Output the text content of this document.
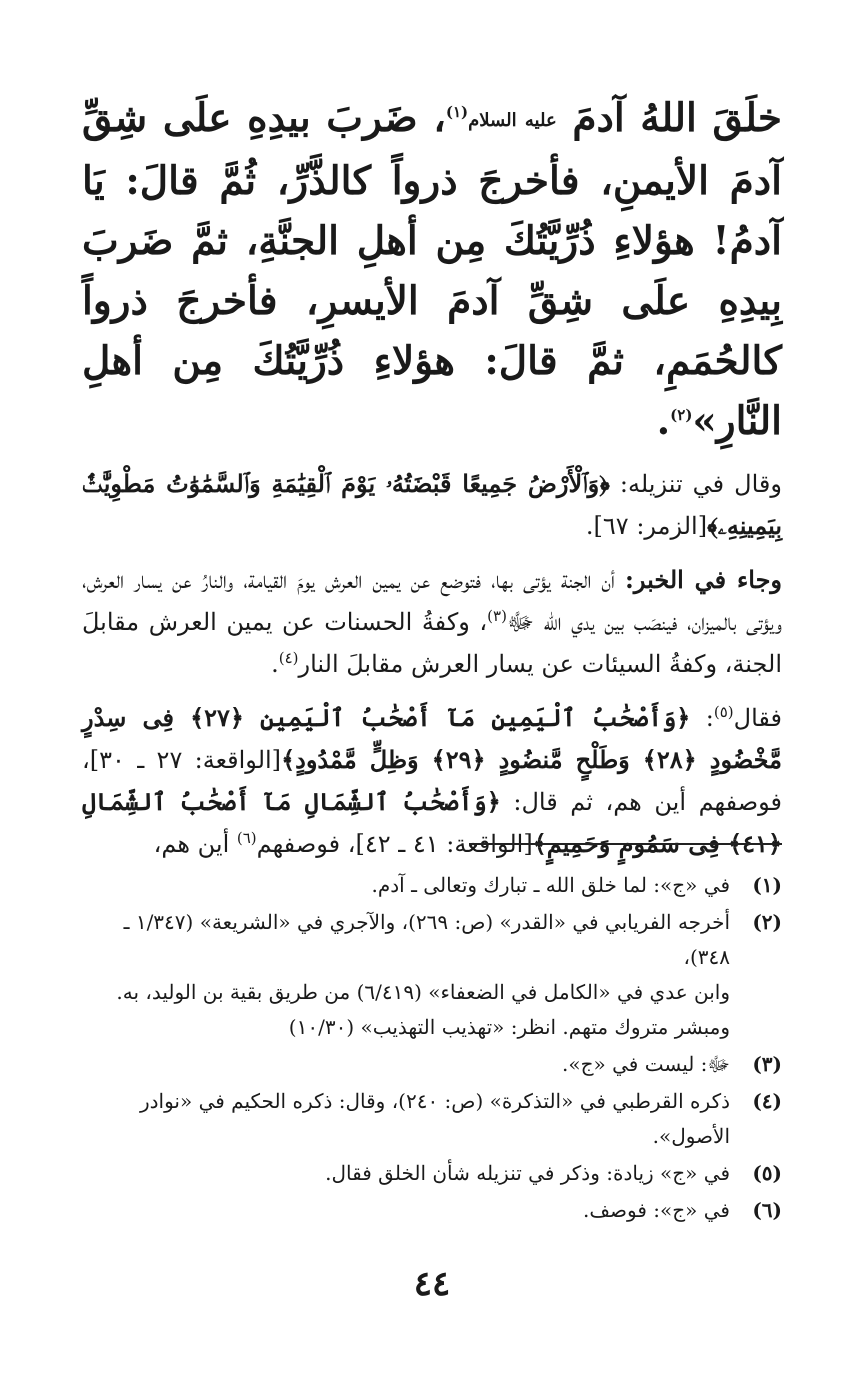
خلَقَ اللهُ آدمَ عليه السلام$^{(١)}$، ضَربَ بيدِهِ علَى شِقِّ آدمَ الأيمنِ، فأخرجَ ذرواً كالذَّرِّ، ثُمَّ قالَ: يَا آدمُ! هؤلاءِ ذُرِّيَّتُكَ مِن أهلِ الجنَّةِ، ثمَّ ضَربَ بِيدِهِ علَى شِقِّ آدمَ الأيسرِ، فأخرجَ ذرواً كالحُمَمِ، ثمَّ قالَ: هؤلاءِ ذُرِّيَّتُكَ مِن أهلِ النَّارِ»$^{(٢)}$.

وقال في تنزيله: ﴿وَٱلْأَرْضُ جَمِيعًا قَبْضَتُهُۥ يَوْمَ ٱلْقِيَٰمَةِ وَٱلسَّمَٰوَٰتُ مَطْوِيَّٰتٌۢ بِيَمِينِهِۦ﴾[الزمر: ٦٧].

وجاء في الخبر: أن الجنة يؤتى بها، فتوضع عن يمين العرش يومَ القيامة، والنارُ عن يسار العرش، ويؤتى بالميزان، فينصَب بين يدي الله ﷻ$^{(٣)}$، وكفةُ الحسنات عن يمين العرش مقابلَ الجنة، وكفةُ السيئات عن يسار العرش مقابلَ النار$^{(٤)}$.

فقال$^{(٥)}$: ﴿وَأَصْحَٰبُ ٱلْيَمِينِ مَآ أَصْحَٰبُ ٱلْيَمِينِ ﴿٢٧﴾ فِى سِدْرٍ مَّخْضُودٍ ﴿٢٨﴾ وَطَلْحٍ مَّنضُودٍ ﴿٢٩﴾ وَظِلٍّ مَّمْدُودٍ﴾[الواقعة: ٢٧ ـ ٣٠]، فوصفهم أين هم، ثم قال: ﴿وَأَصْحَٰبُ ٱلشِّمَالِ مَآ أَصْحَٰبُ ٱلشِّمَالِ ﴿٤١﴾ فِى سَمُومٍ وَحَمِيمٍ﴾[الواقعة: ٤١ ـ ٤٢]، فوصفهم$^{(٦)}$ أين هم،

(١)
في «ج»: لما خلق الله ـ تبارك وتعالى ـ آدم.
(٢)
أخرجه الفريابي في «القدر» (ص: ٢٦٩)، والآجري في «الشريعة» (١/٣٤٧ ـ ٣٤٨)،
وابن عدي في «الكامل في الضعفاء» (٦/٤١٩) من طريق بقية بن الوليد، به.
ومبشر متروك متهم. انظر: «تهذيب التهذيب» (١٠/٣٠)
(٣)
ﷻ: ليست في «ج».
(٤)
ذكره القرطبي في «التذكرة» (ص: ٢٤٠)، وقال: ذكره الحكيم في «نوادر الأصول».
(٥)
في «ج» زيادة: وذكر في تنزيله شأن الخلق فقال.
(٦)
في «ج»: فوصف.
٤٤
